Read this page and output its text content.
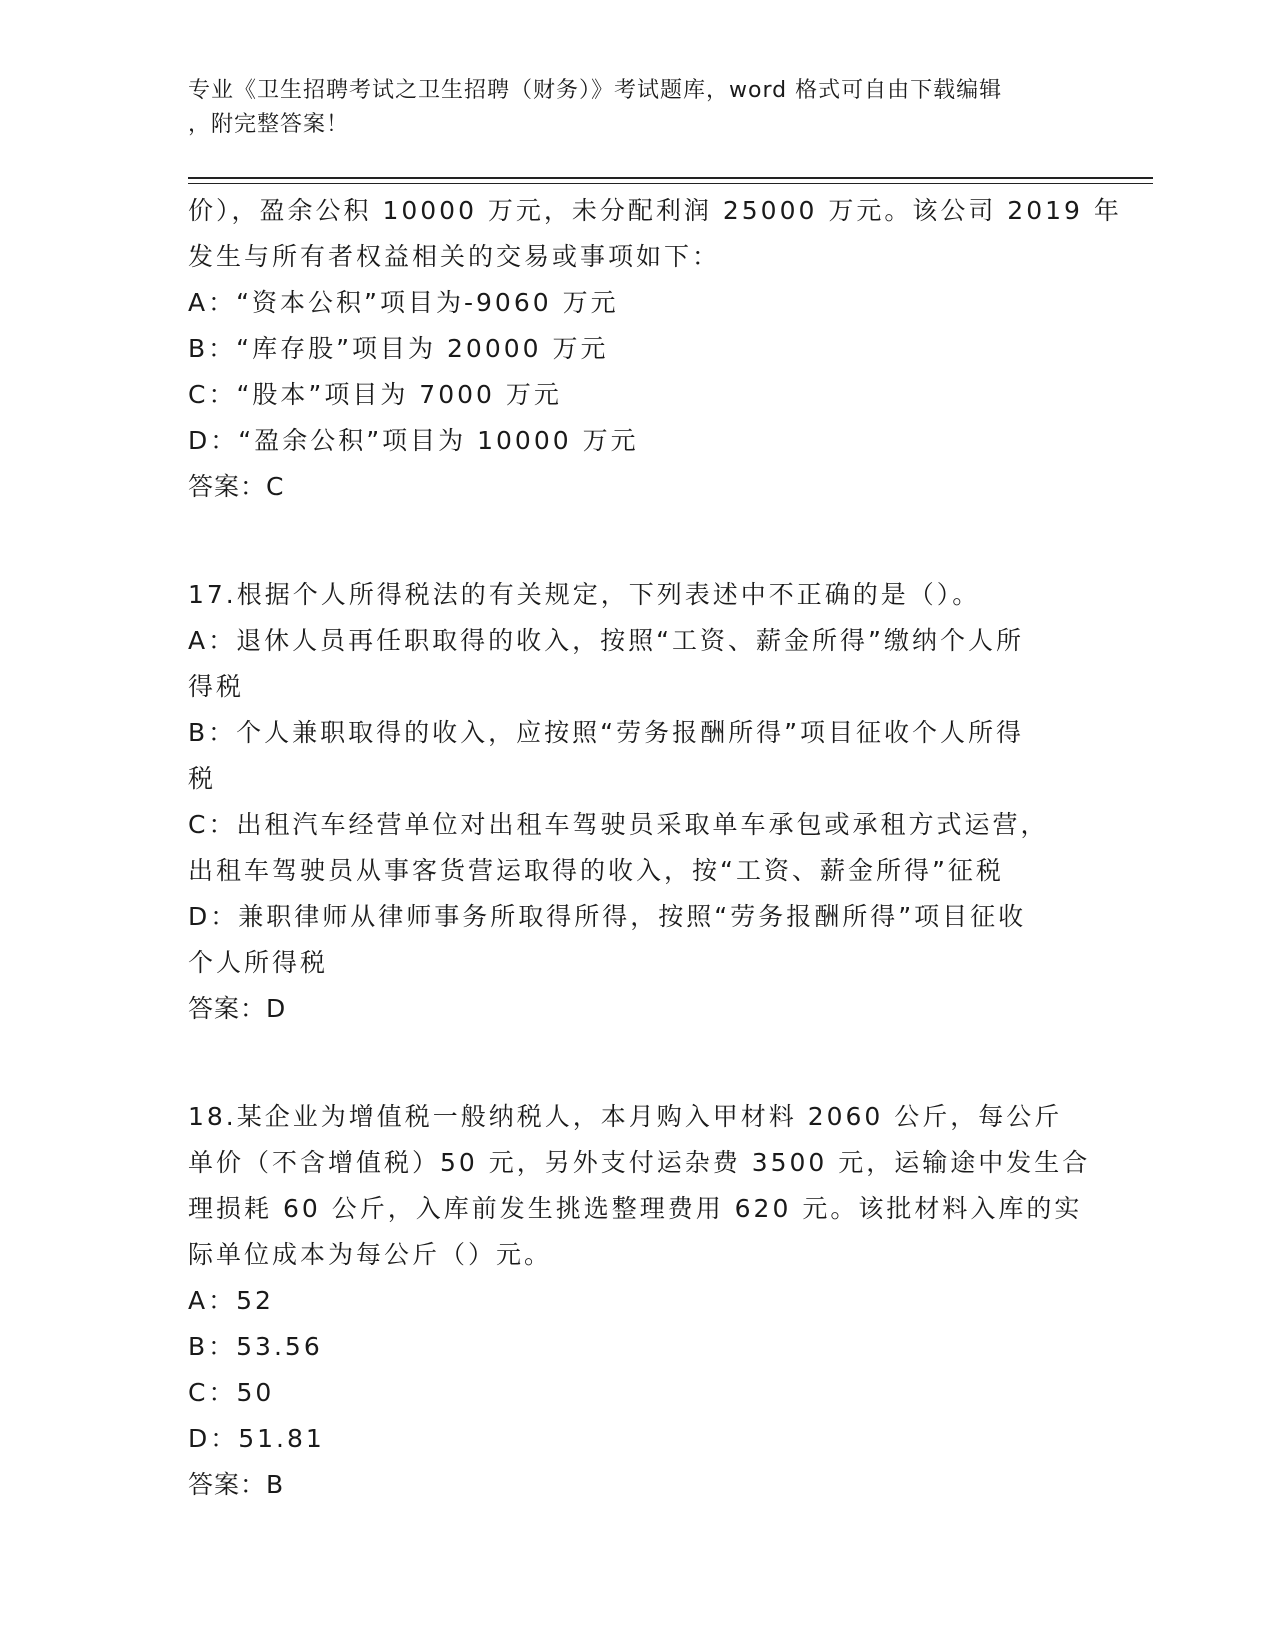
专业《卫生招聘考试之卫生招聘（财务）》考试题库，word 格式可自由下载编辑
，附完整答案！
价），盈余公积 10000 万元，未分配利润 25000 万元。该公司 2019 年
发生与所有者权益相关的交易或事项如下：
A：“资本公积”项目为-9060 万元
B：“库存股”项目为 20000 万元
C：“股本”项目为 7000 万元
D：“盈余公积”项目为 10000 万元
答案：C
17.根据个人所得税法的有关规定，下列表述中不正确的是（）。
A：退休人员再任职取得的收入，按照“工资、薪金所得”缴纳个人所
得税
B：个人兼职取得的收入，应按照“劳务报酬所得”项目征收个人所得
税
C：出租汽车经营单位对出租车驾驶员采取单车承包或承租方式运营，
出租车驾驶员从事客货营运取得的收入，按“工资、薪金所得”征税
D：兼职律师从律师事务所取得所得，按照“劳务报酬所得”项目征收
个人所得税
答案：D
18.某企业为增值税一般纳税人，本月购入甲材料 2060 公斤，每公斤
单价（不含增值税）50 元，另外支付运杂费 3500 元，运输途中发生合
理损耗 60 公斤，入库前发生挑选整理费用 620 元。该批材料入库的实
际单位成本为每公斤（）元。
A：52
B：53.56
C：50
D：51.81
答案：B
